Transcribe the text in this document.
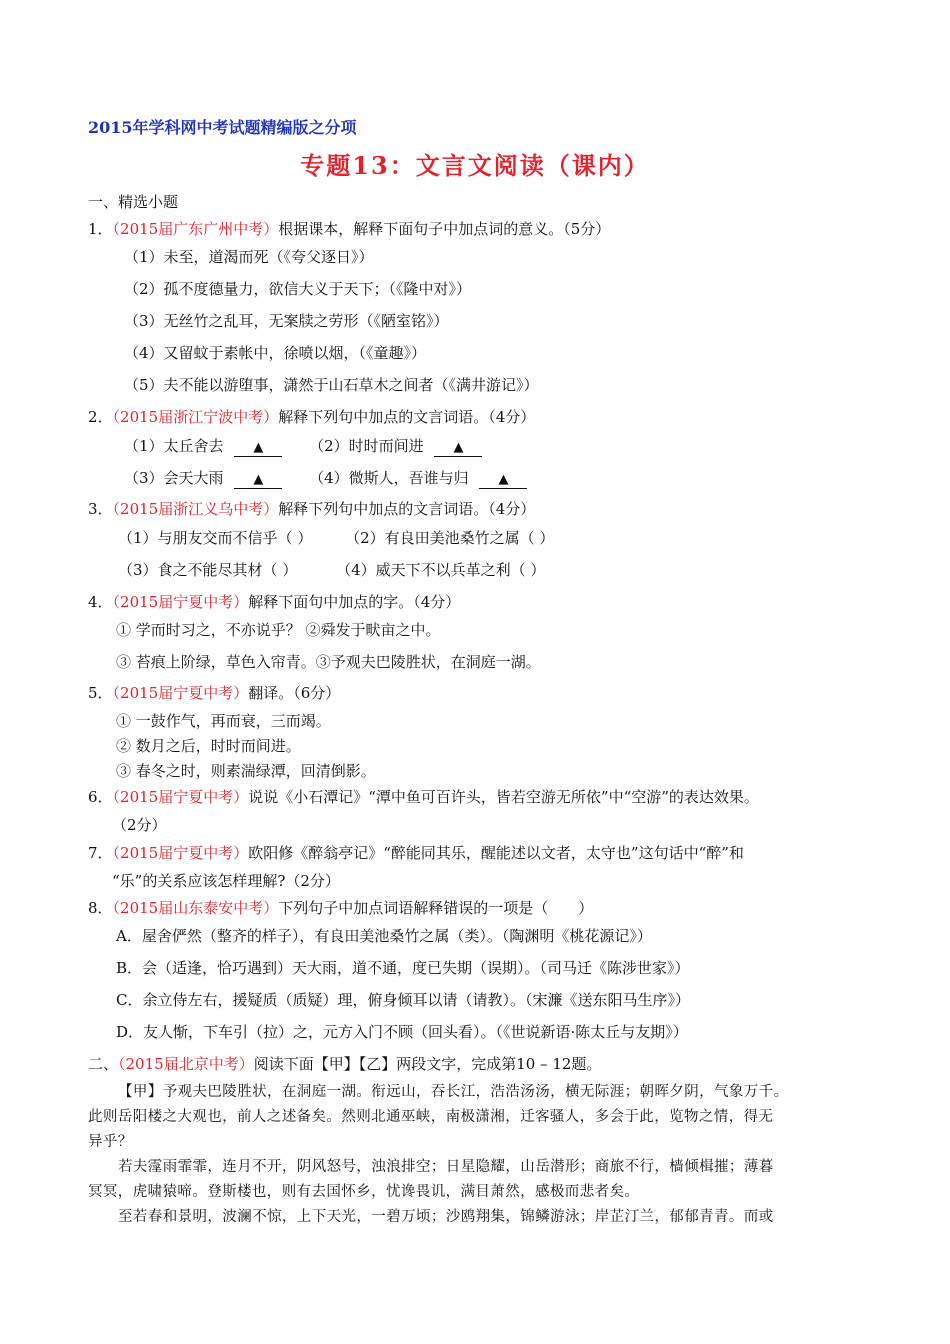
2015年学科网中考试题精编版之分项
专题13：文言文阅读（课内）
一、精选小题
1．（2015届广东广州中考）根据课本，解释下面句子中加点词的意义。（5分）
（1）未至，道渴而死（《夸父逐日》）
（2）孤不度德量力，欲信大义于天下；（《隆中对》）
（3）无丝竹之乱耳，无案牍之劳形（《陋室铭》）
（4）又留蚊于素帐中，徐喷以烟，（《童趣》）
（5）夫不能以游堕事，潇然于山石草木之间者（《满井游记》）
2．（2015届浙江宁波中考）解释下列句中加点的文言词语。（4分）
（1）太丘舍去 ▲	（2）时时而间进 ▲
（3）会天大雨 ▲	（4）微斯人，吾谁与归 ▲
3．（2015届浙江义乌中考）解释下列句中加点的文言词语。（4分）
（1）与朋友交而不信乎（ ） （2）有良田美池桑竹之属（ ）
（3）食之不能尽其材（ ）	（4）威天下不以兵革之利（ ）
4．（2015届宁夏中考）解释下面句中加点的字。（4分）
① 学而时习之，不亦说乎？ ②舜发于畎亩之中。
③ 苔痕上阶绿，草色入帘青。③予观夫巴陵胜状，在洞庭一湖。
5．（2015届宁夏中考）翻译。（6分）
① 一鼓作气，再而衰，三而竭。
② 数月之后，时时而间进。
③ 春冬之时，则素湍绿潭，回清倒影。
6．（2015届宁夏中考）说说《小石潭记》“潭中鱼可百许头，皆若空游无所依”中“空游”的表达效果。
（2分）
7．（2015届宁夏中考）欧阳修《醉翁亭记》“醉能同其乐，醒能述以文者，太守也”这句话中“醉”和
“乐”的关系应该怎样理解?（2分）
8．（2015届山东泰安中考）下列句子中加点词语解释错误的一项是（　　）
A．屋舍俨然（整齐的样子），有良田美池桑竹之属（类）。（陶渊明《桃花源记》）
B．会（适逢，恰巧遇到）天大雨，道不通，度已失期（误期）。（司马迁《陈涉世家》）
C．余立侍左右，援疑质（质疑）理，俯身倾耳以请（请教）。（宋濂《送东阳马生序》）
D．友人惭，下车引（拉）之，元方入门不顾（回头看）。（《世说新语·陈太丘与友期》）
二、（2015届北京中考）阅读下面【甲】【乙】两段文字，完成第10 – 12题。
【甲】予观夫巴陵胜状，在洞庭一湖。衔远山，吞长江，浩浩汤汤，横无际涯；朝晖夕阴，气象万千。
此则岳阳楼之大观也，前人之述备矣。然则北通巫峡，南极潇湘，迁客骚人，多会于此，览物之情，得无
异乎？
若夫霪雨霏霏，连月不开，阴风怒号，浊浪排空；日星隐耀，山岳潜形；商旅不行，樯倾楫摧；薄暮
冥冥，虎啸猿啼。登斯楼也，则有去国怀乡，忧谗畏讥，满目萧然，感极而悲者矣。
至若春和景明，波澜不惊，上下天光，一碧万顷；沙鸥翔集，锦鳞游泳；岸芷汀兰，郁郁青青。而或
